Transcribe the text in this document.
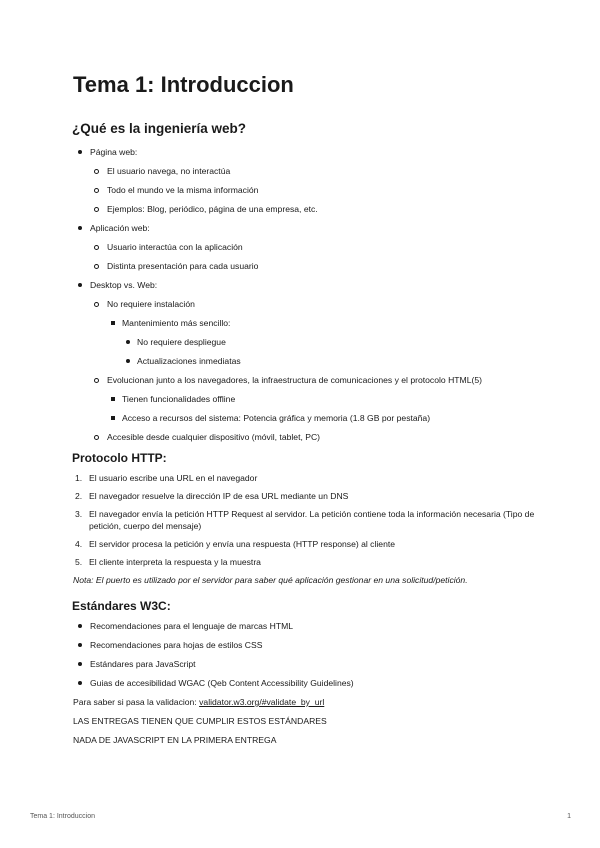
Tema 1: Introduccion
¿Qué es la ingeniería web?
Página web:
El usuario navega, no interactúa
Todo el mundo ve la misma información
Ejemplos: Blog, periódico, página de una empresa, etc.
Aplicación web:
Usuario interactúa con la aplicación
Distinta presentación para cada usuario
Desktop vs. Web:
No requiere instalación
Mantenimiento más sencillo:
No requiere despliegue
Actualizaciones inmediatas
Evolucionan junto a los navegadores, la infraestructura de comunicaciones y el protocolo HTML(5)
Tienen funcionalidades offline
Acceso a recursos del sistema: Potencia gráfica y memoria (1.8 GB por pestaña)
Accesible desde cualquier dispositivo (móvil, tablet, PC)
Protocolo HTTP:
El usuario escribe una URL en el navegador
El navegador resuelve la dirección IP de esa URL mediante un DNS
El navegador envía la petición HTTP Request al servidor. La petición contiene toda la información necesaria (Tipo de petición, cuerpo del mensaje)
El servidor procesa la petición y envía una respuesta (HTTP response) al cliente
El cliente interpreta la respuesta y la muestra

Nota: El puerto es utilizado por el servidor para saber qué aplicación gestionar en una solicitud/petición.

Estándares W3C:
Recomendaciones para el lenguaje de marcas HTML
Recomendaciones para hojas de estilos CSS
Estándares para JavaScript
Guias de accesibilidad WGAC (Qeb Content Accessibility Guidelines)

Para saber si pasa la validacion: validator.w3.org/#validate_by_url

LAS ENTREGAS TIENEN QUE CUMPLIR ESTOS ESTÁNDARES

NADA DE JAVASCRIPT EN LA PRIMERA ENTREGA

Tema 1: Introduccion	1
